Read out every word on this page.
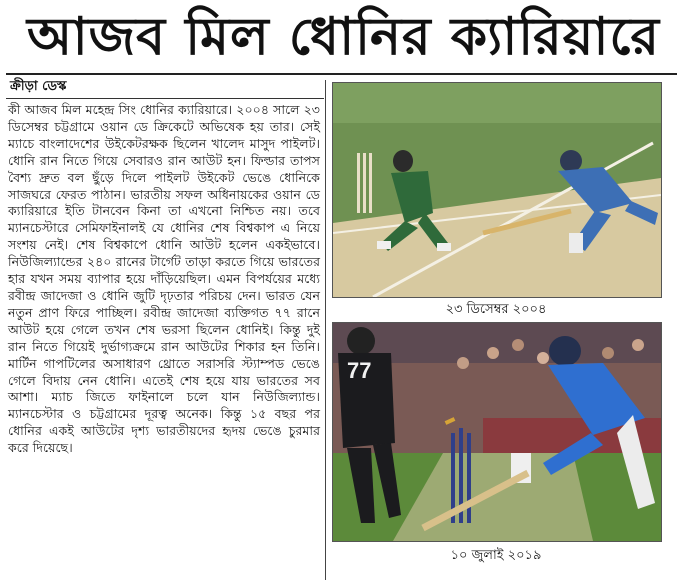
আজব মিল ধোনির ক্যারিয়ারে
ক্রীড়া ডেস্ক

কী আজব মিল মহেন্দ্র সিং ধোনির ক্যারিয়ারে। ২০০৪ সালে ২৩ ডিসেম্বর চট্টগ্রামে ওয়ান ডে ক্রিকেটে অভিষেক হয় তার। সেই ম্যাচে বাংলাদেশের উইকেটরক্ষক ছিলেন খালেদ মাসুদ পাইলট। ধোনি রান নিতে গিয়ে সেবারও রান আউট হন। ফিল্ডার তাপস বৈশ্য দ্রুত বল ছুঁড়ে দিলে পাইলট উইকেট ভেঙে ধোনিকে সাজঘরে ফেরত পাঠান। ভারতীয় সফল অধিনায়কের ওয়ান ডে ক্যারিয়ারে ইতি টানবেন কিনা তা এখনো নিশ্চিত নয়। তবে ম্যানচেস্টারে সেমিফাইনালই যে ধোনির শেষ বিশ্বকাপ এ নিয়ে সংশয় নেই। শেষ বিশ্বকাপে ধোনি আউট হলেন একইভাবে। নিউজিল্যান্ডের ২৪০ রানের টার্গেট তাড়া করতে গিয়ে ভারতের হার যখন সময় ব্যাপার হয়ে দাঁড়িয়েছিল। এমন বিপর্যয়ের মধ্যে রবীন্দ্র জাদেজা ও ধোনি জুটি দৃঢ়তার পরিচয় দেন। ভারত যেন নতুন প্রাণ ফিরে পাচ্ছিল। রবীন্দ্র জাদেজা ব্যক্তিগত ৭৭ রানে আউট হয়ে গেলে তখন শেষ ভরসা ছিলেন ধোনিই। কিন্তু দুই রান নিতে গিয়েই দুর্ভাগ্যক্রমে রান আউটের শিকার হন তিনি। মার্টিন গাপটিলের অসাধারণ থ্রোতে সরাসরি স্ট্যাম্পড ভেঙে গেলে বিদায় নেন ধোনি। এতেই শেষ হয়ে যায় ভারতের সব আশা। ম্যাচ জিতে ফাইনালে চলে যান নিউজিল্যান্ড। ম্যানচেস্টার ও চট্টগ্রামের দূরত্ব অনেক। কিন্তু ১৫ বছর পর ধোনির একই আউটের দৃশ্য ভারতীয়দের হৃদয় ভেঙে চুরমার করে দিয়েছে।

২৩ ডিসেম্বর ২০০৪
77
১০ জুলাই ২০১৯
